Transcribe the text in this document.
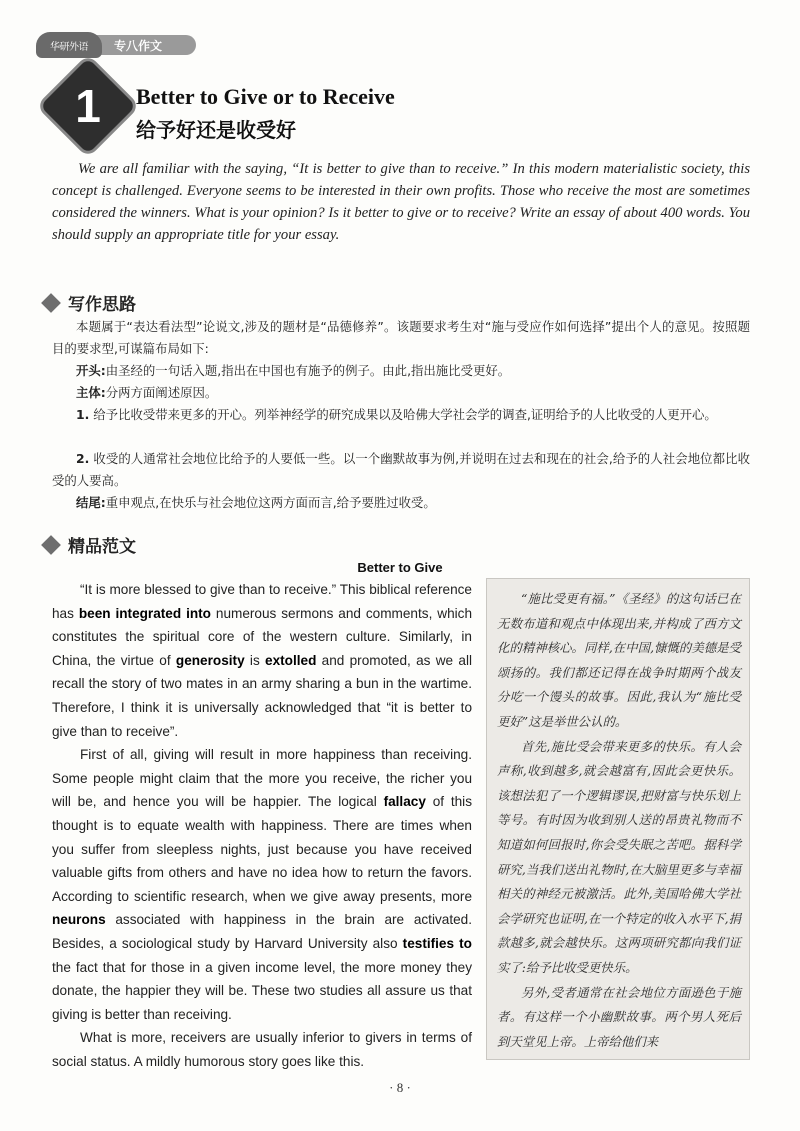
专八作文
华研外语
1	Better to Give or to Receive
给予好还是收受好

We are all familiar with the saying, “It is better to give than to receive.” In this modern materialistic society, this concept is challenged. Everyone seems to be interested in their own profits. Those who receive the most are sometimes considered the winners. What is your opinion? Is it better to give or to receive? Write an essay of about 400 words. You should supply an appropriate title for your essay.

写作思路

本题属于“表达看法型”论说文,涉及的题材是“品德修养”。该题要求考生对“施与受应作如何选择”提出个人的意见。按照题目的要求型,可谋篇布局如下:

开头:由圣经的一句话入题,指出在中国也有施予的例子。由此,指出施比受更好。

主体:分两方面阐述原因。

1. 给予比收受带来更多的开心。列举神经学的研究成果以及哈佛大学社会学的调查,证明给予的人比收受的人更开心。

2. 收受的人通常社会地位比给予的人要低一些。以一个幽默故事为例,并说明在过去和现在的社会,给予的人社会地位都比收受的人要高。

结尾:重申观点,在快乐与社会地位这两方面而言,给予要胜过收受。

精品范文
Better to Give

“It is more blessed to give than to receive.” This biblical reference has been integrated into numerous sermons and comments, which constitutes the spiritual core of the western culture. Similarly, in China, the virtue of generosity is extolled and promoted, as we all recall the story of two mates in an army sharing a bun in the wartime. Therefore, I think it is universally acknowledged that “it is better to give than to receive”.

First of all, giving will result in more happiness than receiving. Some people might claim that the more you receive, the richer you will be, and hence you will be happier. The logical fallacy of this thought is to equate wealth with happiness. There are times when you suffer from sleepless nights, just because you have received valuable gifts from others and have no idea how to return the favors. According to scientific research, when we give away presents, more neurons associated with happiness in the brain are activated. Besides, a sociological study by Harvard University also testifies to the fact that for those in a given income level, the more money they donate, the happier they will be. These two studies all assure us that giving is better than receiving.

What is more, receivers are usually inferior to givers in terms of social status. A mildly humorous story goes like this.

“施比受更有福。”《圣经》的这句话已在无数布道和观点中体现出来,并构成了西方文化的精神核心。同样,在中国,慷慨的美德是受颂扬的。我们都还记得在战争时期两个战友分吃一个馒头的故事。因此,我认为“施比受更好”这是举世公认的。

首先,施比受会带来更多的快乐。有人会声称,收到越多,就会越富有,因此会更快乐。该想法犯了一个逻辑谬误,把财富与快乐划上等号。有时因为收到别人送的昂贵礼物而不知道如何回报时,你会受失眠之苦吧。据科学研究,当我们送出礼物时,在大脑里更多与幸福相关的神经元被激活。此外,美国哈佛大学社会学研究也证明,在一个特定的收入水平下,捐款越多,就会越快乐。这两项研究都向我们证实了:给予比收受更快乐。

另外,受者通常在社会地位方面逊色于施者。有这样一个小幽默故事。两个男人死后到天堂见上帝。上帝给他们来

· 8 ·
